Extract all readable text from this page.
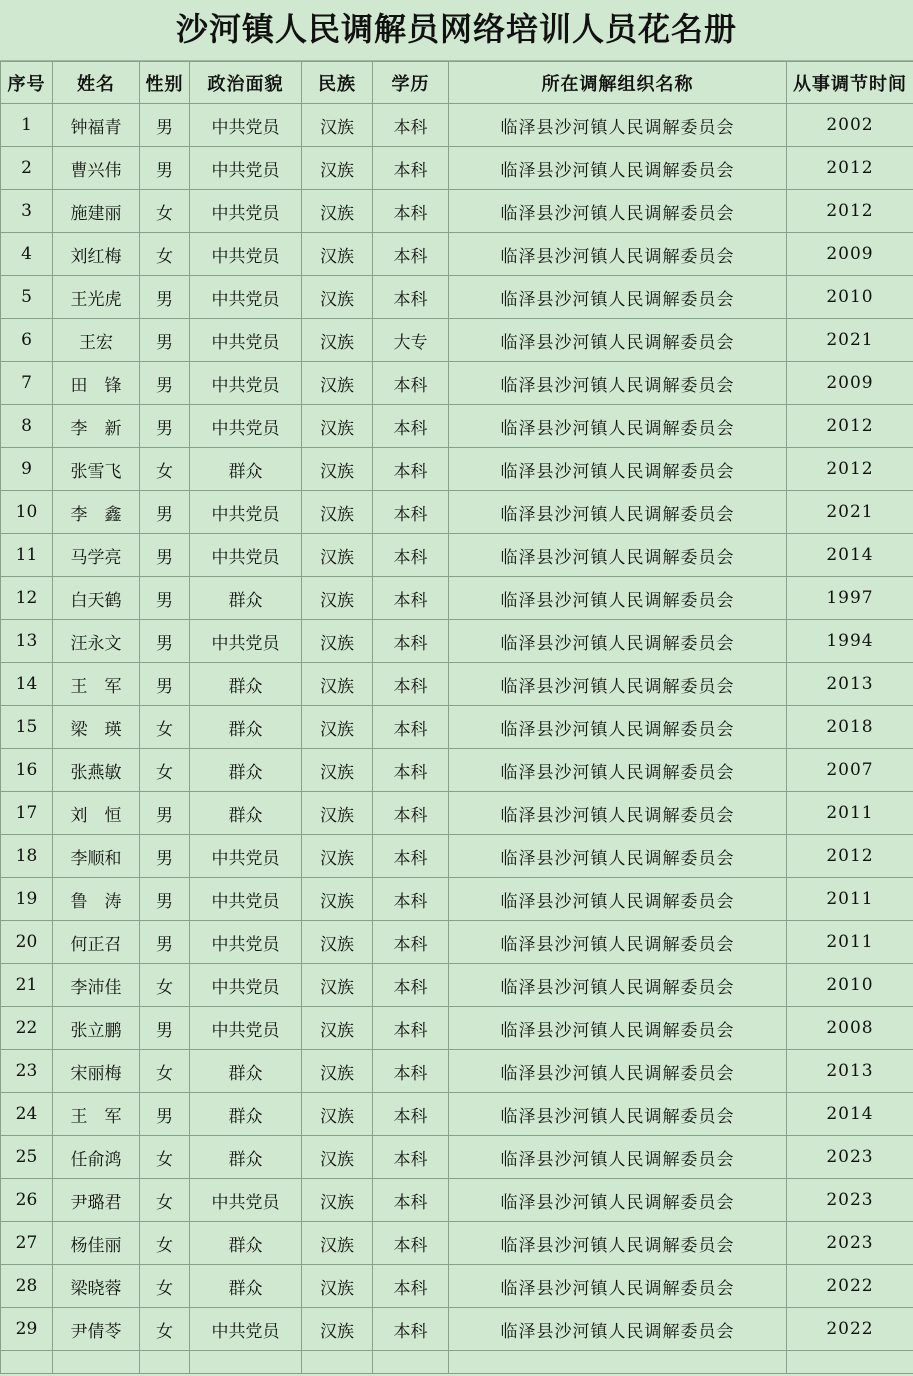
沙河镇人民调解员网络培训人员花名册
序号	姓名	性别	政治面貌	民族	学历	所在调解组织名称	从事调节时间
1	钟福青	男	中共党员	汉族	本科	临泽县沙河镇人民调解委员会	2002
2	曹兴伟	男	中共党员	汉族	本科	临泽县沙河镇人民调解委员会	2012
3	施建丽	女	中共党员	汉族	本科	临泽县沙河镇人民调解委员会	2012
4	刘红梅	女	中共党员	汉族	本科	临泽县沙河镇人民调解委员会	2009
5	王光虎	男	中共党员	汉族	本科	临泽县沙河镇人民调解委员会	2010
6	王宏	男	中共党员	汉族	大专	临泽县沙河镇人民调解委员会	2021
7	田　锋	男	中共党员	汉族	本科	临泽县沙河镇人民调解委员会	2009
8	李　新	男	中共党员	汉族	本科	临泽县沙河镇人民调解委员会	2012
9	张雪飞	女	群众	汉族	本科	临泽县沙河镇人民调解委员会	2012
10	李　鑫	男	中共党员	汉族	本科	临泽县沙河镇人民调解委员会	2021
11	马学亮	男	中共党员	汉族	本科	临泽县沙河镇人民调解委员会	2014
12	白天鹤	男	群众	汉族	本科	临泽县沙河镇人民调解委员会	1997
13	汪永文	男	中共党员	汉族	本科	临泽县沙河镇人民调解委员会	1994
14	王　军	男	群众	汉族	本科	临泽县沙河镇人民调解委员会	2013
15	梁　瑛	女	群众	汉族	本科	临泽县沙河镇人民调解委员会	2018
16	张燕敏	女	群众	汉族	本科	临泽县沙河镇人民调解委员会	2007
17	刘　恒	男	群众	汉族	本科	临泽县沙河镇人民调解委员会	2011
18	李顺和	男	中共党员	汉族	本科	临泽县沙河镇人民调解委员会	2012
19	鲁　涛	男	中共党员	汉族	本科	临泽县沙河镇人民调解委员会	2011
20	何正召	男	中共党员	汉族	本科	临泽县沙河镇人民调解委员会	2011
21	李沛佳	女	中共党员	汉族	本科	临泽县沙河镇人民调解委员会	2010
22	张立鹏	男	中共党员	汉族	本科	临泽县沙河镇人民调解委员会	2008
23	宋丽梅	女	群众	汉族	本科	临泽县沙河镇人民调解委员会	2013
24	王　军	男	群众	汉族	本科	临泽县沙河镇人民调解委员会	2014
25	任俞鸿	女	群众	汉族	本科	临泽县沙河镇人民调解委员会	2023
26	尹璐君	女	中共党员	汉族	本科	临泽县沙河镇人民调解委员会	2023
27	杨佳丽	女	群众	汉族	本科	临泽县沙河镇人民调解委员会	2023
28	梁晓蓉	女	群众	汉族	本科	临泽县沙河镇人民调解委员会	2022
29	尹倩苓	女	中共党员	汉族	本科	临泽县沙河镇人民调解委员会	2022
